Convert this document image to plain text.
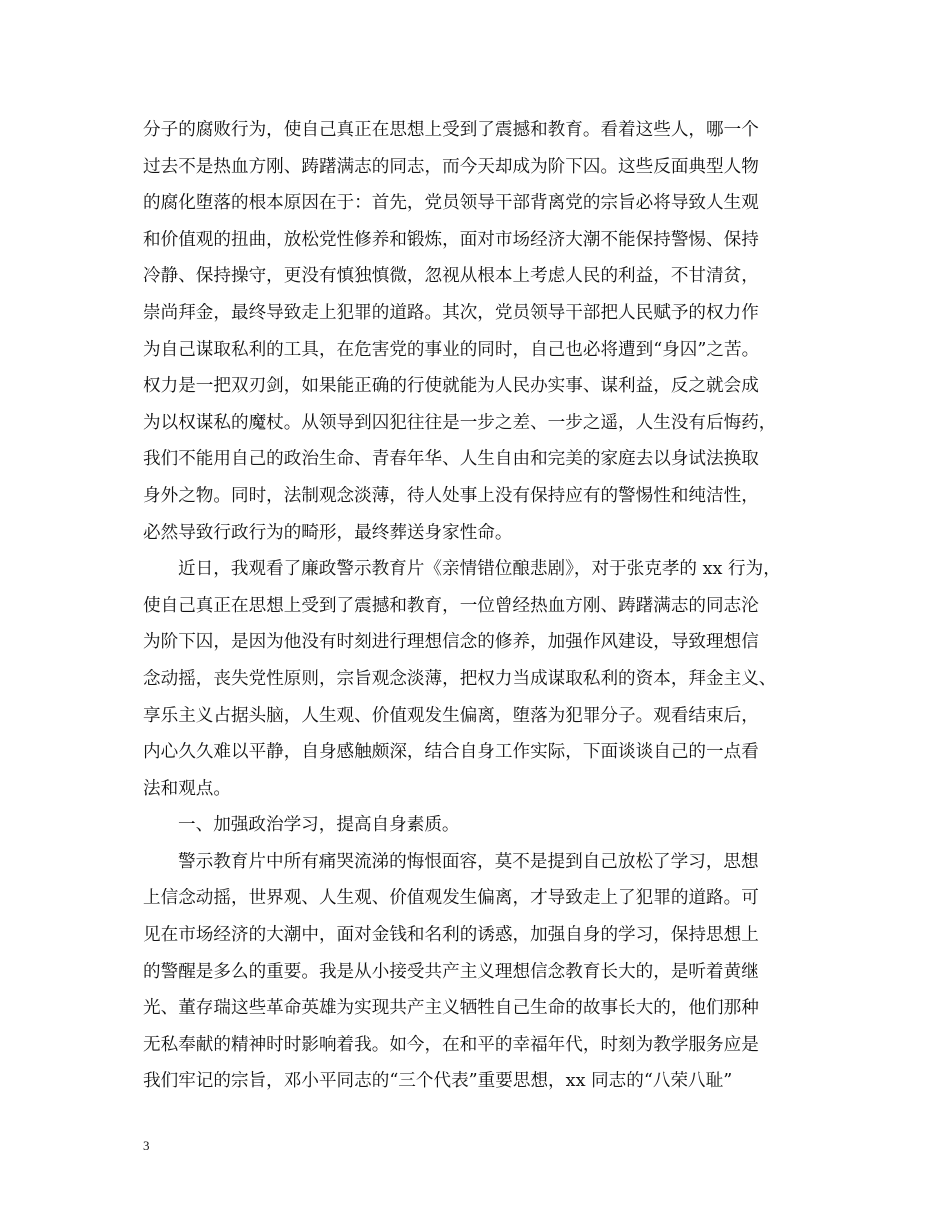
分子的腐败行为，使自己真正在思想上受到了震撼和教育。看着这些人，哪一个
过去不是热血方刚、踌躇满志的同志，而今天却成为阶下囚。这些反面典型人物
的腐化堕落的根本原因在于：首先，党员领导干部背离党的宗旨必将导致人生观
和价值观的扭曲，放松党性修养和锻炼，面对市场经济大潮不能保持警惕、保持
冷静、保持操守，更没有慎独慎微，忽视从根本上考虑人民的利益，不甘清贫，
崇尚拜金，最终导致走上犯罪的道路。其次，党员领导干部把人民赋予的权力作
为自己谋取私利的工具，在危害党的事业的同时，自己也必将遭到“身囚”之苦。
权力是一把双刃剑，如果能正确的行使就能为人民办实事、谋利益，反之就会成
为以权谋私的魔杖。从领导到囚犯往往是一步之差、一步之遥，人生没有后悔药，
我们不能用自己的政治生命、青春年华、人生自由和完美的家庭去以身试法换取
身外之物。同时，法制观念淡薄，待人处事上没有保持应有的警惕性和纯洁性，
必然导致行政行为的畸形，最终葬送身家性命。
近日，我观看了廉政警示教育片《亲情错位酿悲剧》，对于张克孝的 xx 行为，
使自己真正在思想上受到了震撼和教育，一位曾经热血方刚、踌躇满志的同志沦
为阶下囚，是因为他没有时刻进行理想信念的修养，加强作风建设，导致理想信
念动摇，丧失党性原则，宗旨观念淡薄，把权力当成谋取私利的资本，拜金主义、
享乐主义占据头脑，人生观、价值观发生偏离，堕落为犯罪分子。观看结束后，
内心久久难以平静，自身感触颇深，结合自身工作实际，下面谈谈自己的一点看
法和观点。
一、加强政治学习，提高自身素质。
警示教育片中所有痛哭流涕的悔恨面容，莫不是提到自己放松了学习，思想
上信念动摇，世界观、人生观、价值观发生偏离，才导致走上了犯罪的道路。可
见在市场经济的大潮中，面对金钱和名利的诱惑，加强自身的学习，保持思想上
的警醒是多么的重要。我是从小接受共产主义理想信念教育长大的，是听着黄继
光、董存瑞这些革命英雄为实现共产主义牺牲自己生命的故事长大的，他们那种
无私奉献的精神时时影响着我。如今，在和平的幸福年代，时刻为教学服务应是
我们牢记的宗旨，邓小平同志的“三个代表”重要思想，xx 同志的“八荣八耻”
3
